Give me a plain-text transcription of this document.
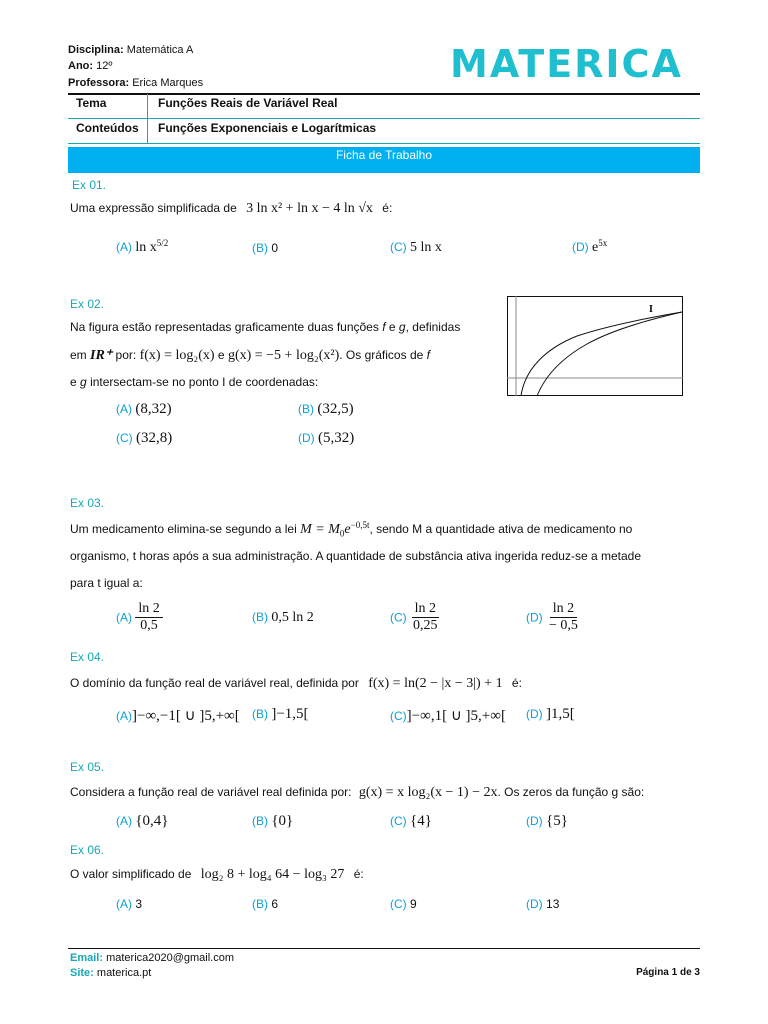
Disciplina: Matemática A
Ano: 12º
Professora: Erica Marques	MATERICA
Tema	Funções Reais de Variável Real
Conteúdos Funções Exponenciais e Logarítmicas
Ficha de Trabalho
Ex 01.
Uma expressão simplificada de 3 ln x² + ln x − 4 ln √x é:
(A) $\ln x^{5/2}$	(B) 0	(C) 5 ln x	(D) $e^{5x}$
Ex 02.
Na figura estão representadas graficamente duas funções f e g, definidas
em IR⁺ por: f(x) = log₂(x) e g(x) = −5 + log₂(x²). Os gráficos de f
e g intersectam-se no ponto I de coordenadas:
I
(A) (8,32)	(B) (32,5)
(C) (32,8)	(D) (5,32)
Ex 03.
Um medicamento elimina-se segundo a lei $M = M_0e^{-0,5t}$, sendo M a quantidade ativa de medicamento no
organismo, t horas após a sua administração. A quantidade de substância ativa ingerida reduz-se a metade
para t igual a:
$(A) \frac{\ln 2}{0,5}$	(B) 0,5 ln 2	$(C) \frac{\ln 2}{0,25}$	$(D) \frac{\ln 2}{- 0,5}$
Ex 04.
O domínio da função real de variável real, definida por f(x) = ln(2 − |x − 3|) + 1 é:
(A)]−∞,−1[ ∪ ]5,+∞[ (B) ]−1,5[	(C)]−∞,1[ ∪ ]5,+∞[ (D) ]1,5[
Ex 05.
Considera a função real de variável real definida por: g(x) = x log₂(x − 1) − 2x. Os zeros da função g são:
(A) {0,4}	(B) {0}	(C) {4}	(D) {5}
Ex 06.
O valor simplificado de log₂ 8 + log₄ 64 − log₃ 27 é:
(A) 3	(B) 6	(C) 9	(D) 13
Email: materica2020@gmail.com
Site: materica.pt	Página 1 de 3
